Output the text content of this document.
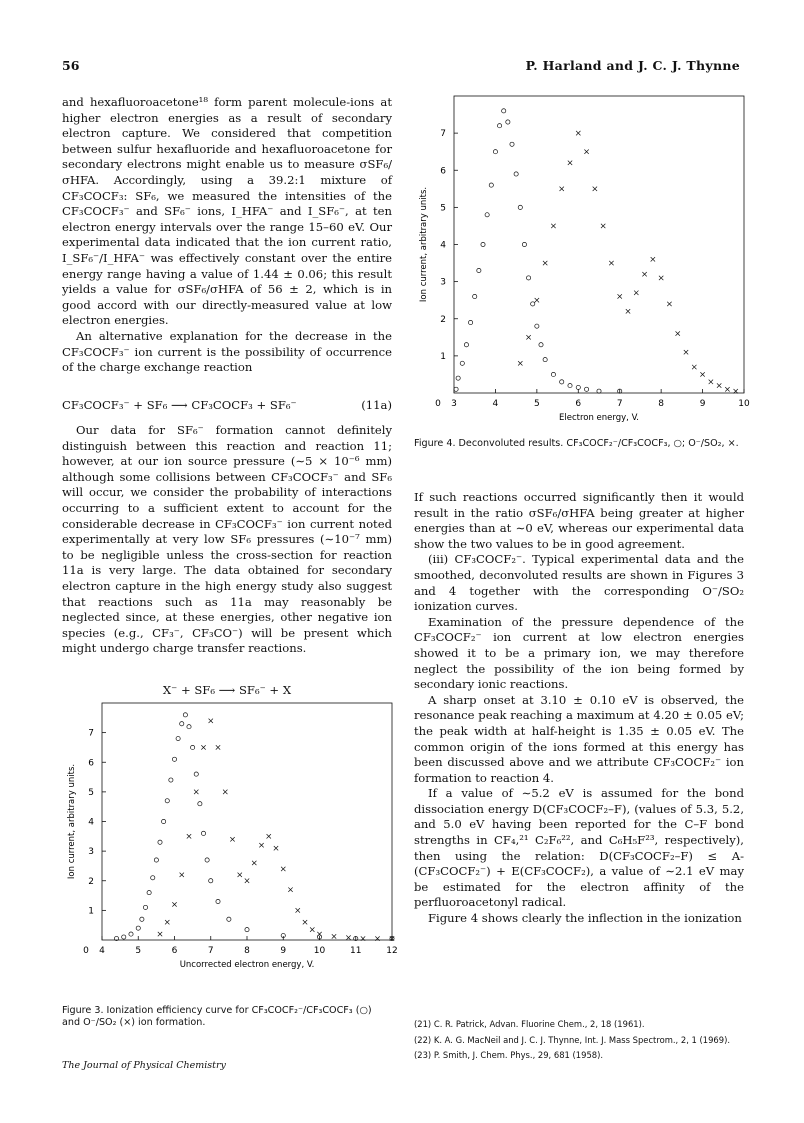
56	P. Harland and J. C. J. Thynne

and hexafluoroacetone¹⁸ form parent molecule-ions at higher electron energies as a result of secondary electron capture. We considered that competition between sulfur hexafluoride and hexafluoroacetone for secondary electrons might enable us to measure σSF₆/σHFA. Accordingly, using a 39.2:1 mixture of CF₃COCF₃: SF₆, we measured the intensities of the CF₃COCF₃⁻ and SF₆⁻ ions, I_HFA⁻ and I_SF₆⁻, at ten electron energy intervals over the range 15–60 eV. Our experimental data indicated that the ion current ratio, I_SF₆⁻/I_HFA⁻ was effectively constant over the entire energy range having a value of 1.44 ± 0.06; this result yields a value for σSF₆/σHFA of 56 ± 2, which is in good accord with our directly-measured value at low electron energies.

An alternative explanation for the decrease in the CF₃COCF₃⁻ ion current is the possibility of occurrence of the charge exchange reaction

CF₃COCF₃⁻ + SF₆ ⟶ CF₃COCF₃ + SF₆⁻	(11a)

Our data for SF₆⁻ formation cannot definitely distinguish between this reaction and reaction 11; however, at our ion source pressure (∼5 × 10⁻⁶ mm) although some collisions between CF₃COCF₃⁻ and SF₆ will occur, we consider the probability of interactions occurring to a sufficient extent to account for the considerable decrease in CF₃COCF₃⁻ ion current noted experimentally at very low SF₆ pressures (∼10⁻⁷ mm) to be negligible unless the cross-section for reaction 11a is very large. The data obtained for secondary electron capture in the high energy study also suggest that reactions such as 11a may reasonably be neglected since, at these energies, other negative ion species (e.g., CF₃⁻, CF₃CO⁻) will be present which might undergo charge transfer reactions.

X⁻ + SF₆ ⟶ SF₆⁻ + X
4	5	6	7	8	9	10	11	12
0
1
2
3
4
5
6
7
Uncorrected electron energy, V.
Ion current, arbitrary units.
Figure 3. Ionization efficiency curve for CF₃COCF₂⁻/CF₃COCF₃ (○) and O⁻/SO₂ (×) ion formation.
3	4	5	6	7	8	9	10
0
1
2
3
4
5
6
7
Electron energy, V.
Ion current, arbitrary units.
Figure 4. Deconvoluted results. CF₃COCF₂⁻/CF₃COCF₃, ○; O⁻/SO₂, ×.

If such reactions occurred significantly then it would result in the ratio σSF₆/σHFA being greater at higher energies than at ∼0 eV, whereas our experimental data show the two values to be in good agreement.

(iii) CF₃COCF₂⁻. Typical experimental data and the smoothed, deconvoluted results are shown in Figures 3 and 4 together with the corresponding O⁻/SO₂ ionization curves.

Examination of the pressure dependence of the CF₃COCF₂⁻ ion current at low electron energies showed it to be a primary ion, we may therefore neglect the possibility of the ion being formed by secondary ionic reactions.

A sharp onset at 3.10 ± 0.10 eV is observed, the resonance peak reaching a maximum at 4.20 ± 0.05 eV; the peak width at half-height is 1.35 ± 0.05 eV. The common origin of the ions formed at this energy has been discussed above and we attribute CF₃COCF₂⁻ ion formation to reaction 4.

If a value of ∼5.2 eV is assumed for the bond dissociation energy D(CF₃COCF₂–F), (values of 5.3, 5.2, and 5.0 eV having been reported for the C–F bond strengths in CF₄,²¹ C₂F₆²², and C₆H₅F²³, respectively), then using the relation: D(CF₃COCF₂–F) ≤ A-(CF₃COCF₂⁻) + E(CF₃COCF₂), a value of ∼2.1 eV may be estimated for the electron affinity of the perfluoroacetonyl radical.

Figure 4 shows clearly the inflection in the ionization

(21) C. R. Patrick, Advan. Fluorine Chem., 2, 18 (1961).
(22) K. A. G. MacNeil and J. C. J. Thynne, Int. J. Mass Spectrom., 2, 1 (1969).
(23) P. Smith, J. Chem. Phys., 29, 681 (1958).
The Journal of Physical Chemistry
